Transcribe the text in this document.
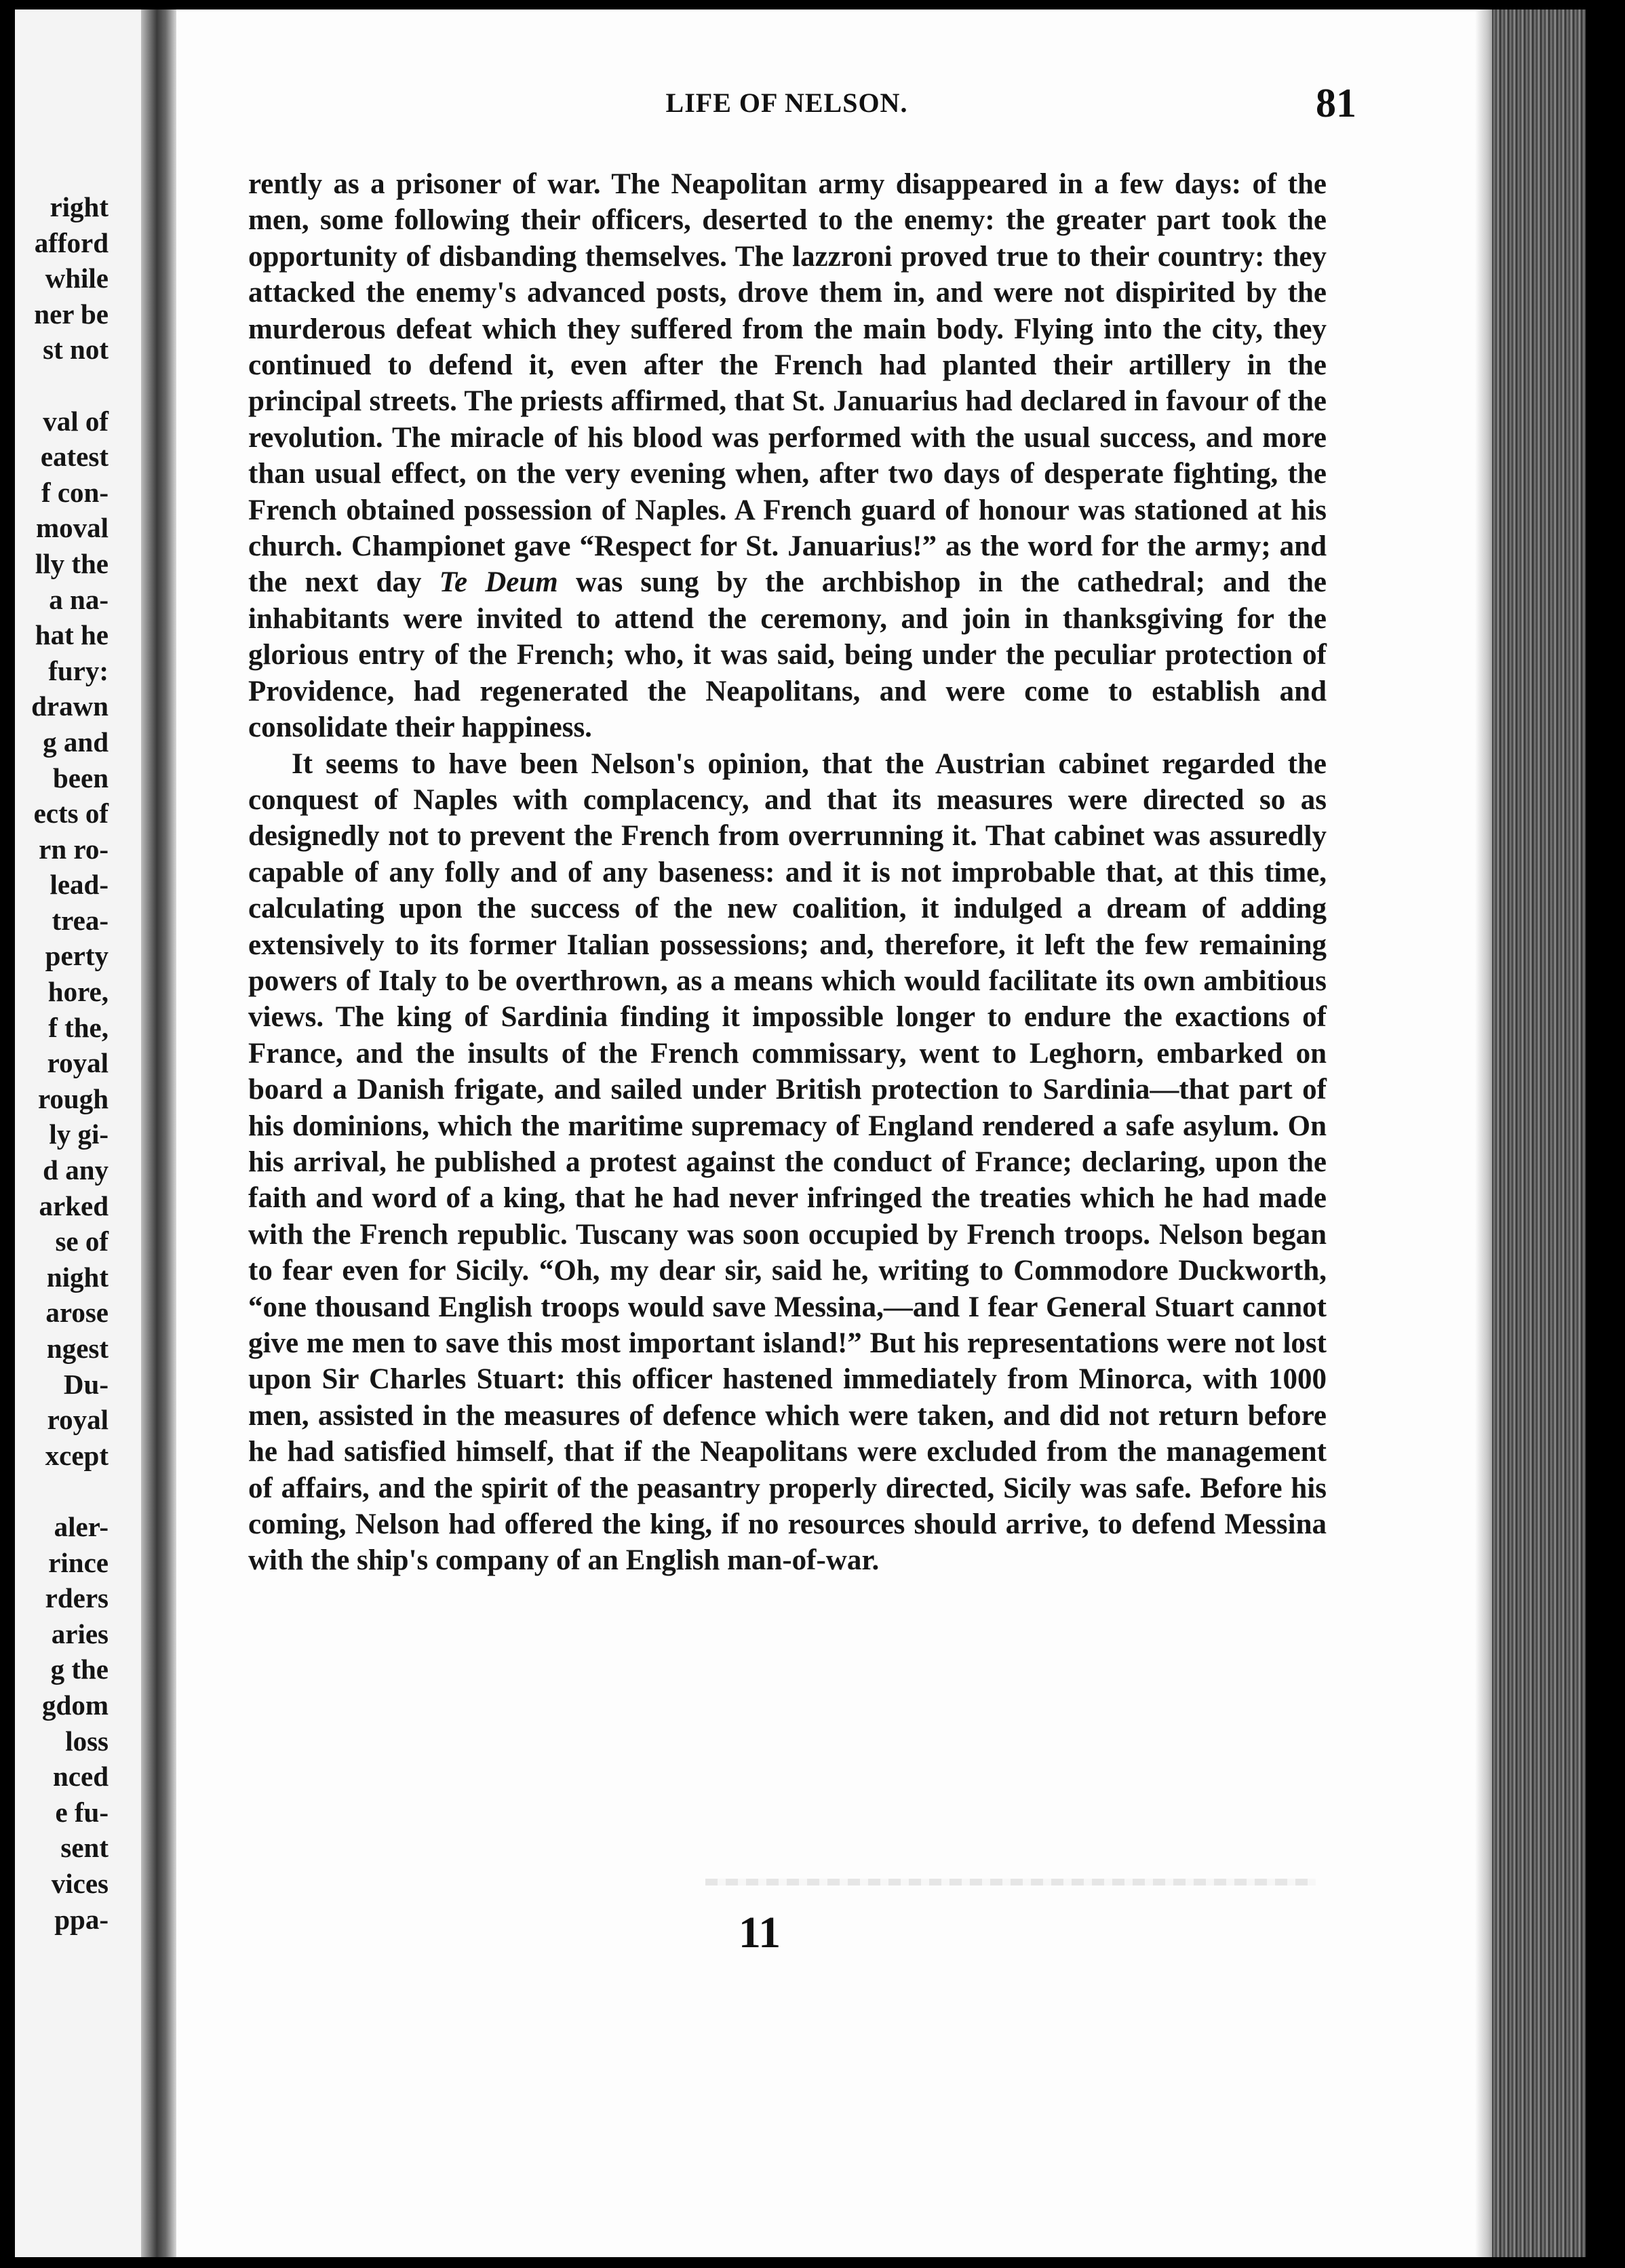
right
afford
while
ner be
st not

val of
eatest
f con-
moval
lly the
a na-
hat he
fury:
drawn
g and
been
ects of
rn ro-
lead-
trea-
perty
hore,
f the,
royal
rough
ly gi-
d any
arked
se of
night
arose
ngest
Du-
royal
xcept

aler-
rince
rders
aries
g the
gdom
loss
nced
e fu-
sent
vices
ppa-
LIFE OF NELSON.	81

rently as a prisoner of war. The Neapolitan army disappeared in a few days: of the men, some following their officers, deserted to the enemy: the greater part took the opportunity of disbanding themselves. The lazzroni proved true to their country: they attacked the enemy's advanced posts, drove them in, and were not dispirited by the murderous defeat which they suffered from the main body. Flying into the city, they continued to defend it, even after the French had planted their artillery in the principal streets. The priests affirmed, that St. Januarius had declared in favour of the revolution. The miracle of his blood was performed with the usual success, and more than usual effect, on the very evening when, after two days of desperate fighting, the French obtained possession of Naples. A French guard of honour was stationed at his church. Championet gave “Respect for St. Januarius!” as the word for the army; and the next day Te Deum was sung by the archbishop in the cathedral; and the inhabitants were invited to attend the ceremony, and join in thanksgiving for the glorious entry of the French; who, it was said, being under the peculiar protection of Providence, had regenerated the Neapolitans, and were come to establish and consolidate their happiness.

It seems to have been Nelson's opinion, that the Austrian cabinet regarded the conquest of Naples with complacency, and that its measures were directed so as designedly not to prevent the French from overrunning it. That cabinet was assuredly capable of any folly and of any baseness: and it is not improbable that, at this time, calculating upon the success of the new coalition, it indulged a dream of adding extensively to its former Italian possessions; and, therefore, it left the few remaining powers of Italy to be overthrown, as a means which would facilitate its own ambitious views. The king of Sardinia finding it impossible longer to endure the exactions of France, and the insults of the French commissary, went to Leghorn, embarked on board a Danish frigate, and sailed under British protection to Sardinia—that part of his dominions, which the maritime supremacy of England rendered a safe asylum. On his arrival, he published a protest against the conduct of France; declaring, upon the faith and word of a king, that he had never infringed the treaties which he had made with the French republic. Tuscany was soon occupied by French troops. Nelson began to fear even for Sicily. “Oh, my dear sir, said he, writing to Commodore Duckworth, “one thousand English troops would save Messina,—and I fear General Stuart cannot give me men to save this most important island!” But his representations were not lost upon Sir Charles Stuart: this officer hastened immediately from Minorca, with 1000 men, assisted in the measures of defence which were taken, and did not return before he had satisfied himself, that if the Neapolitans were excluded from the management of affairs, and the spirit of the peasantry properly directed, Sicily was safe. Before his coming, Nelson had offered the king, if no resources should arrive, to defend Messina with the ship's company of an English man-of-war.

11
